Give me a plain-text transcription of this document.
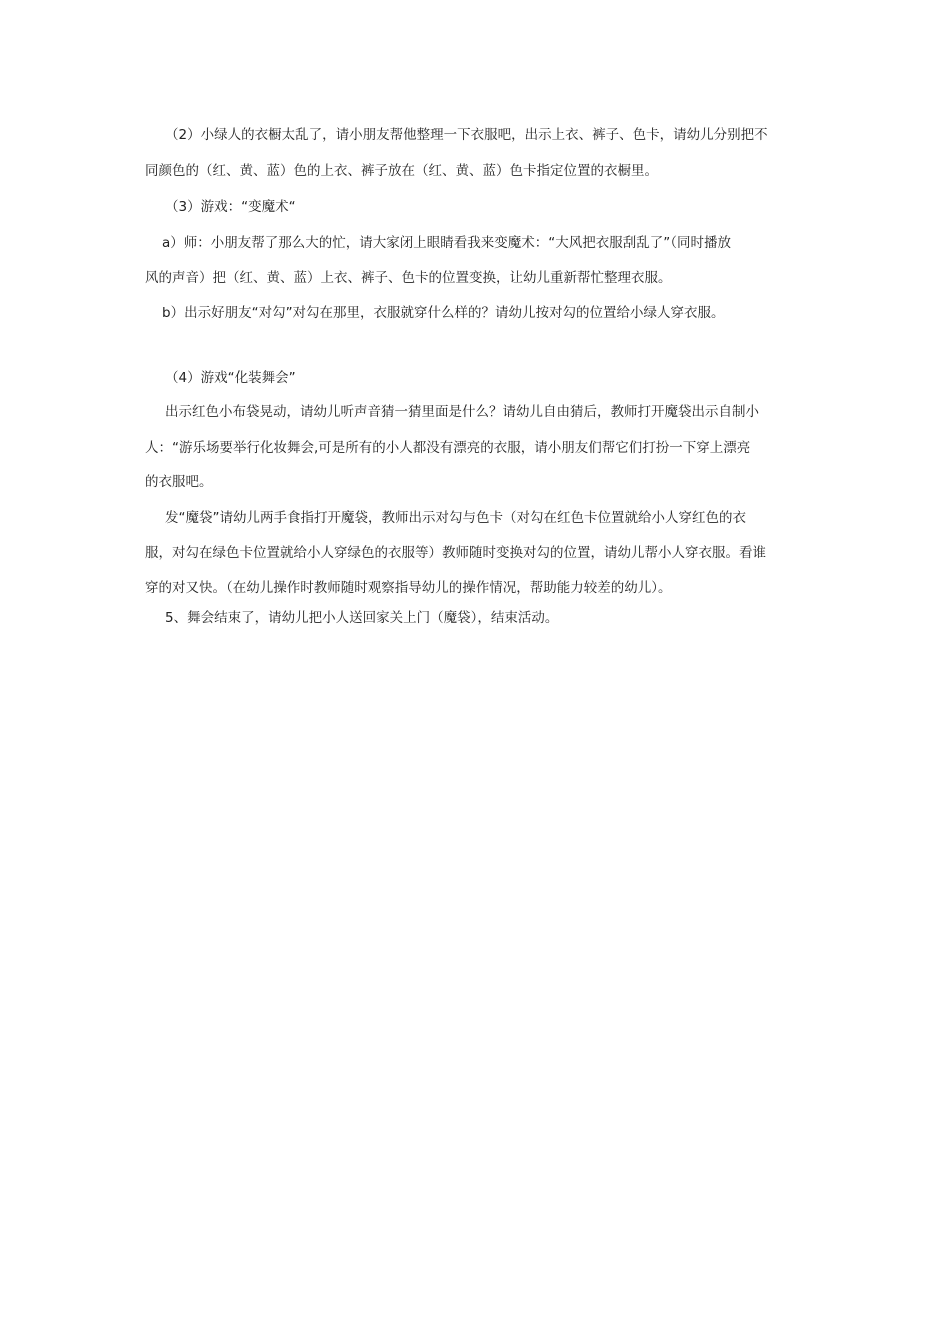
（2）小绿人的衣橱太乱了，请小朋友帮他整理一下衣服吧，出示上衣、裤子、色卡，请幼儿分别把不
同颜色的（红、黄、蓝）色的上衣、裤子放在（红、黄、蓝）色卡指定位置的衣橱里。
（3）游戏：“变魔术“
a）师：小朋友帮了那么大的忙，请大家闭上眼睛看我来变魔术：“大风把衣服刮乱了”（同时播放
风的声音）把（红、黄、蓝）上衣、裤子、色卡的位置变换，让幼儿重新帮忙整理衣服。
b）出示好朋友“对勾”对勾在那里，衣服就穿什么样的？请幼儿按对勾的位置给小绿人穿衣服。
（4）游戏“化装舞会”
出示红色小布袋晃动，请幼儿听声音猜一猜里面是什么？请幼儿自由猜后，教师打开魔袋出示自制小
人：“游乐场要举行化妆舞会,可是所有的小人都没有漂亮的衣服，请小朋友们帮它们打扮一下穿上漂亮
的衣服吧。
发“魔袋”请幼儿两手食指打开魔袋，教师出示对勾与色卡（对勾在红色卡位置就给小人穿红色的衣
服，对勾在绿色卡位置就给小人穿绿色的衣服等）教师随时变换对勾的位置，请幼儿帮小人穿衣服。看谁
穿的对又快。（在幼儿操作时教师随时观察指导幼儿的操作情况，帮助能力较差的幼儿）。
5、舞会结束了，请幼儿把小人送回家关上门（魔袋），结束活动。
